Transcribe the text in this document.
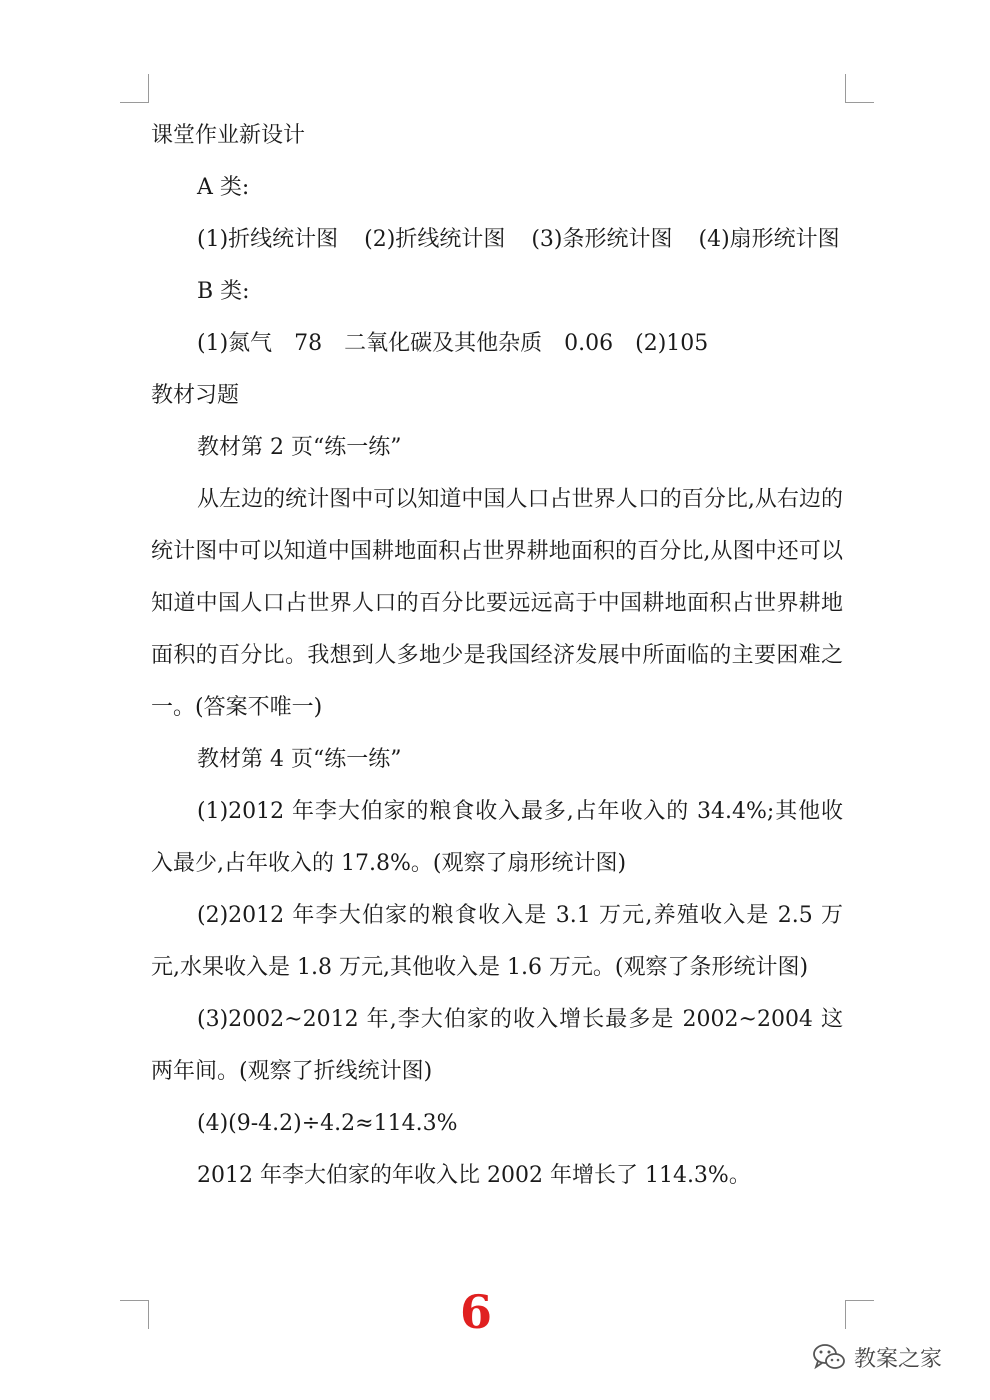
课堂作业新设计

A 类:

(1)折线统计图 (2)折线统计图 (3)条形统计图 (4)扇形统计图

B 类:

(1)氮气　78　二氧化碳及其他杂质　0.06　(2)105

教材习题

教材第 2 页“练一练”

从左边的统计图中可以知道中国人口占世界人口的百分比,从右边的统计图中可以知道中国耕地面积占世界耕地面积的百分比,从图中还可以知道中国人口占世界人口的百分比要远远高于中国耕地面积占世界耕地面积的百分比。我想到人多地少是我国经济发展中所面临的主要困难之一。(答案不唯一)

教材第 4 页“练一练”

(1)2012 年李大伯家的粮食收入最多,占年收入的 34.4%;其他收入最少,占年收入的 17.8%。(观察了扇形统计图)

(2)2012 年李大伯家的粮食收入是 3.1 万元,养殖收入是 2.5 万元,水果收入是 1.8 万元,其他收入是 1.6 万元。(观察了条形统计图)

(3)2002~2012 年,李大伯家的收入增长最多是 2002~2004 这两年间。(观察了折线统计图)

(4)(9-4.2)÷4.2≈114.3%

2012 年李大伯家的年收入比 2002 年增长了 114.3%。

6
教案之家
